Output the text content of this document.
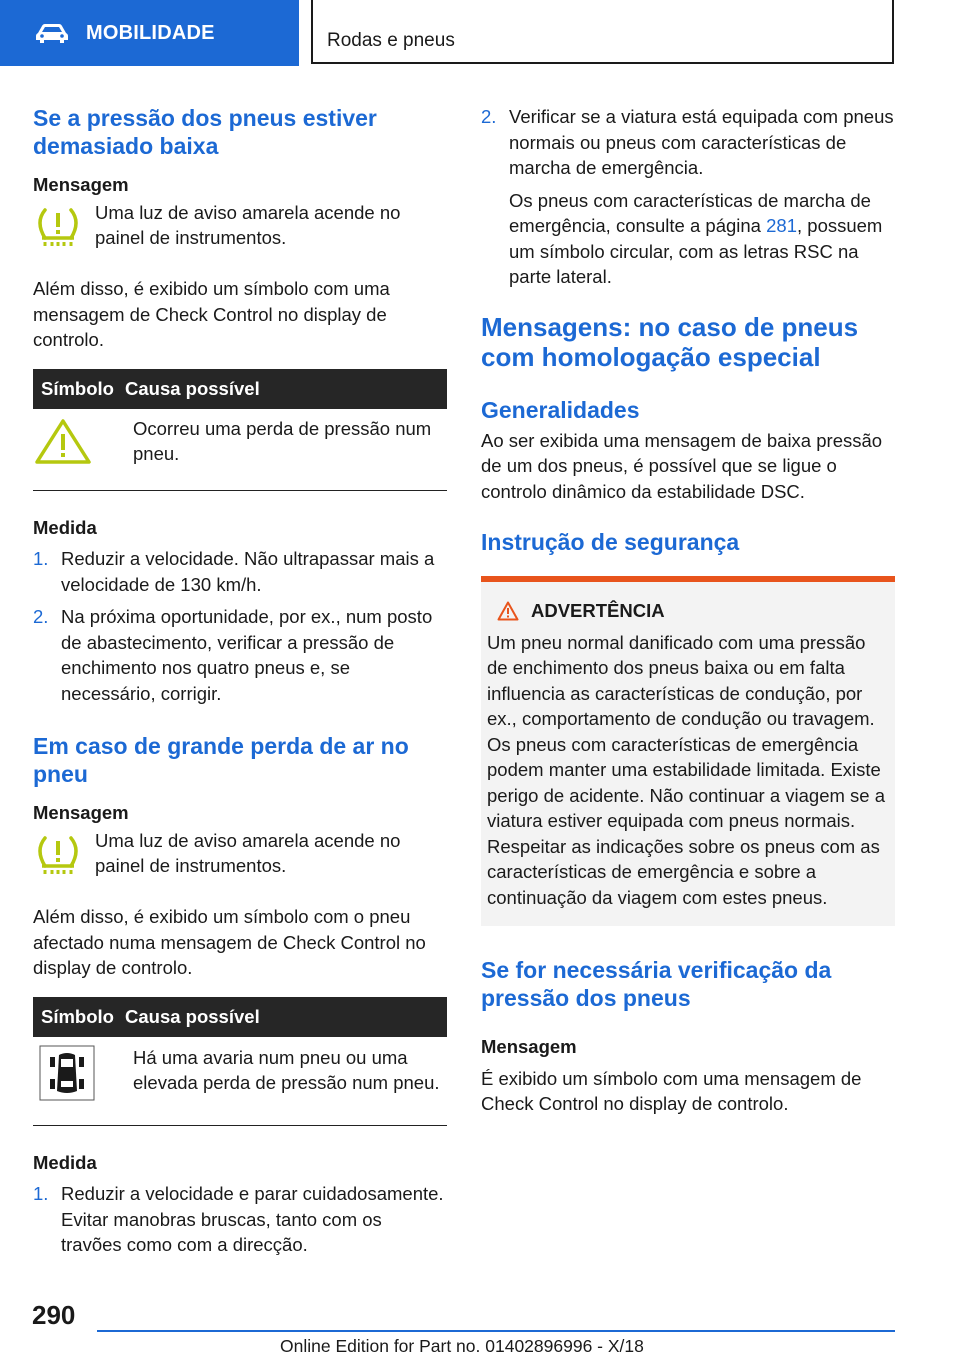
MOBILIDADE	Rodas e pneus

Se a pressão dos pneus estiver
demasiado baixa

Mensagem

Uma luz de aviso amarela acende no painel de instrumentos.

Além disso, é exibido um símbolo com uma mensagem de Check Control no display de controlo.

Símbolo Causa possível

Ocorreu uma perda de pressão num pneu.

Medida

1. Reduzir a velocidade. Não ultrapassar mais a velocidade de 130 km/h.
2. Na próxima oportunidade, por ex., num posto de abastecimento, verificar a pressão de enchimento nos quatro pneus e, se necessário, corrigir.

Em caso de grande perda de ar no
pneu

Mensagem

Uma luz de aviso amarela acende no painel de instrumentos.

Além disso, é exibido um símbolo com o pneu afectado numa mensagem de Check Control no display de controlo.

Símbolo Causa possível

Há uma avaria num pneu ou uma elevada perda de pressão num pneu.

Medida

1. Reduzir a velocidade e parar cuidadosamente. Evitar manobras bruscas, tanto com os travões como com a direcção.
2. Verificar se a viatura está equipada com pneus normais ou pneus com características de marcha de emergência.

Os pneus com características de marcha de emergência, consulte a página 281, possuem um símbolo circular, com as letras RSC na parte lateral.

Mensagens: no caso de pneus
com homologação especial

Generalidades

Ao ser exibida uma mensagem de baixa pressão de um dos pneus, é possível que se ligue o controlo dinâmico da estabilidade DSC.

Instrução de segurança

ADVERTÊNCIA

Um pneu normal danificado com uma pressão de enchimento dos pneus baixa ou em falta influencia as características de condução, por ex., comportamento de condução ou travagem. Os pneus com características de emergência podem manter uma estabilidade limitada. Existe perigo de acidente. Não continuar a viagem se a viatura estiver equipada com pneus normais. Respeitar as indicações sobre os pneus com as características de emergência e sobre a continuação da viagem com estes pneus.

Se for necessária verificação da
pressão dos pneus

Mensagem

É exibido um símbolo com uma mensagem de Check Control no display de controlo.

290
Online Edition for Part no. 01402896996 - X/18
